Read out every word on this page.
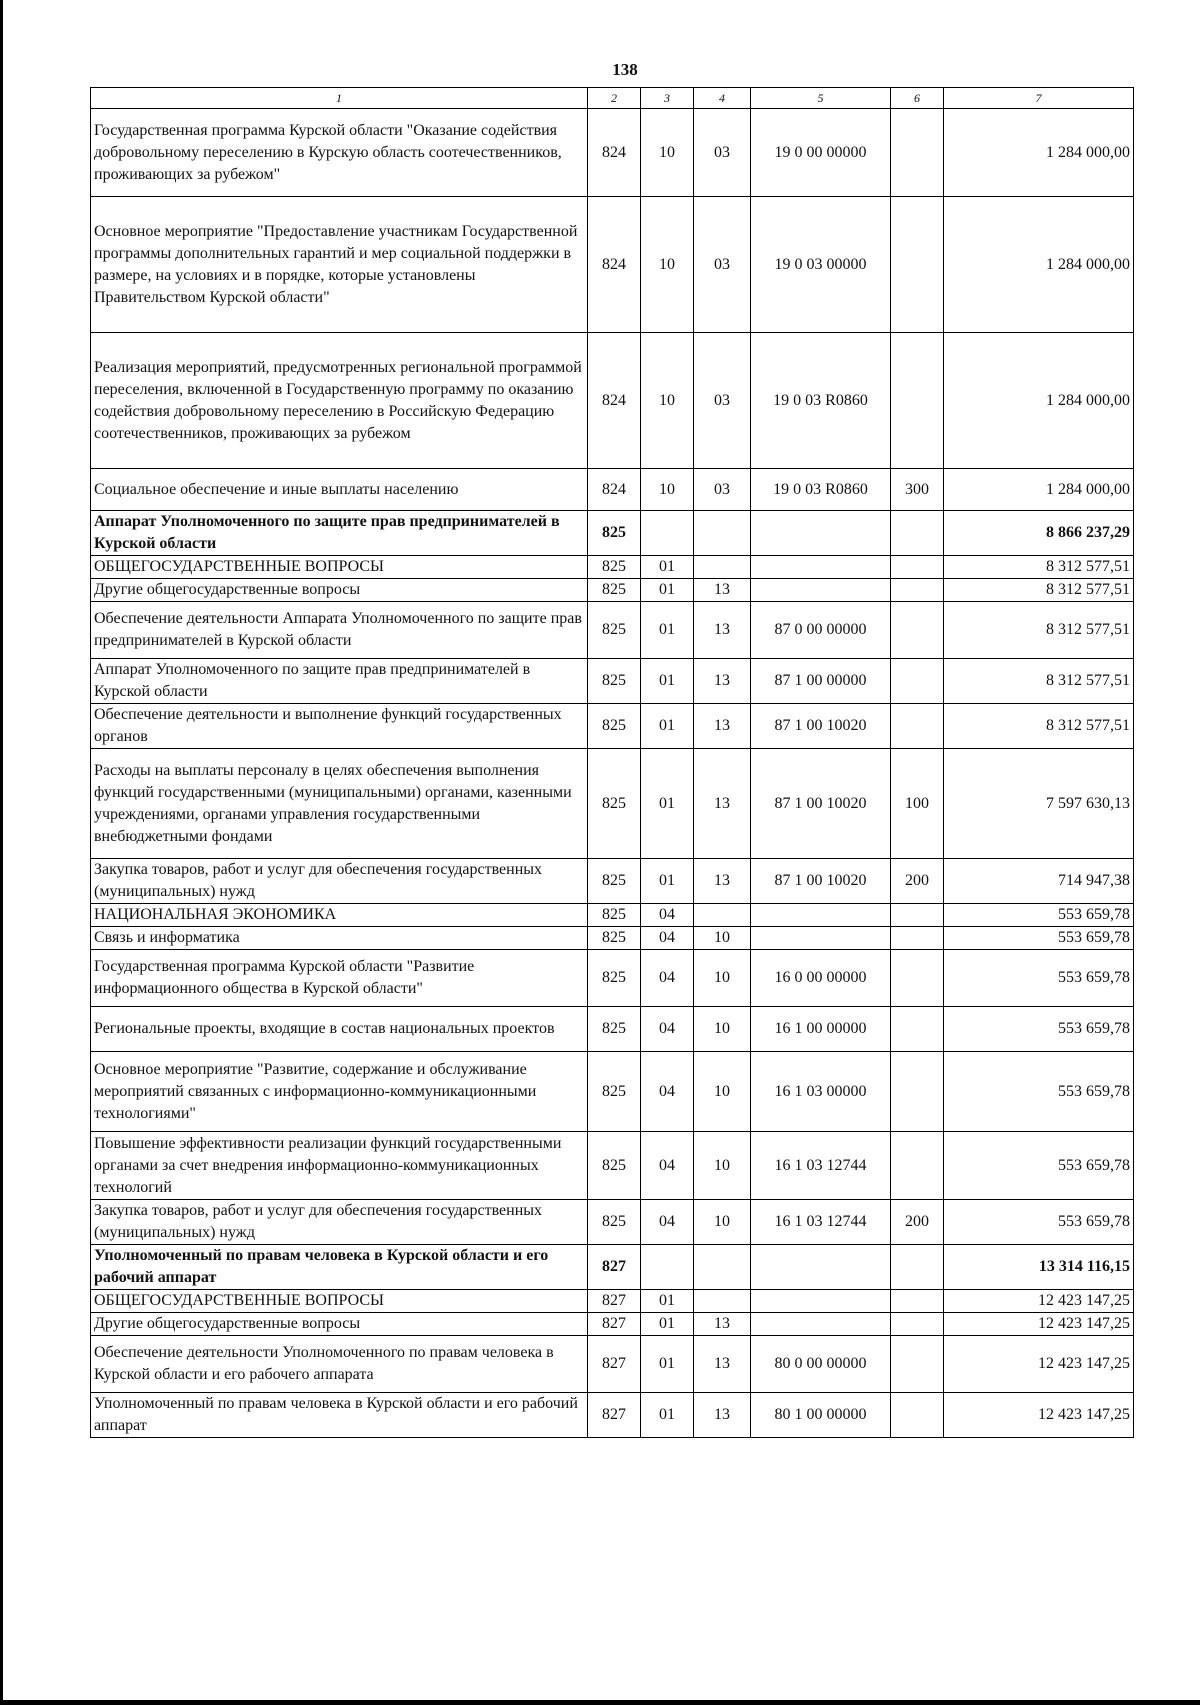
138
1	2	3	4	5	6	7
Государственная программа Курской области "Оказание содействия добровольному переселению в Курскую область соотечественников, проживающих за рубежом"	824	10	03	19 0 00 00000		1 284 000,00
Основное мероприятие "Предоставление участникам Государственной программы дополнительных гарантий и мер социальной поддержки в размере, на условиях и в порядке, которые установлены Правительством Курской области"	824	10	03	19 0 03 00000		1 284 000,00
Реализация мероприятий, предусмотренных региональной программой переселения, включенной в Государственную программу по оказанию содействия добровольному переселению в Российскую Федерацию соотечественников, проживающих за рубежом	824	10	03	19 0 03 R0860		1 284 000,00
Социальное обеспечение и иные выплаты населению	824	10	03	19 0 03 R0860	300	1 284 000,00
Аппарат Уполномоченного по защите прав предпринимателей в Курской области	825					8 866 237,29
ОБЩЕГОСУДАРСТВЕННЫЕ ВОПРОСЫ	825	01				8 312 577,51
Другие общегосударственные вопросы	825	01	13			8 312 577,51
Обеспечение деятельности Аппарата Уполномоченного по защите прав предпринимателей в Курской области	825	01	13	87 0 00 00000		8 312 577,51
Аппарат Уполномоченного по защите прав предпринимателей в Курской области	825	01	13	87 1 00 00000		8 312 577,51
Обеспечение деятельности и выполнение функций государственных органов	825	01	13	87 1 00 10020		8 312 577,51
Расходы на выплаты персоналу в целях обеспечения выполнения функций государственными (муниципальными) органами, казенными учреждениями, органами управления государственными внебюджетными фондами	825	01	13	87 1 00 10020	100	7 597 630,13
Закупка товаров, работ и услуг для обеспечения государственных (муниципальных) нужд	825	01	13	87 1 00 10020	200	714 947,38
НАЦИОНАЛЬНАЯ ЭКОНОМИКА	825	04				553 659,78
Связь и информатика	825	04	10			553 659,78
Государственная программа Курской области "Развитие информационного общества в Курской области"	825	04	10	16 0 00 00000		553 659,78
Региональные проекты, входящие в состав национальных проектов	825	04	10	16 1 00 00000		553 659,78
Основное мероприятие "Развитие, содержание и обслуживание мероприятий связанных с информационно-коммуникационными технологиями"	825	04	10	16 1 03 00000		553 659,78
Повышение эффективности реализации функций государственными органами за счет внедрения информационно-коммуникационных технологий	825	04	10	16 1 03 12744		553 659,78
Закупка товаров, работ и услуг для обеспечения государственных (муниципальных) нужд	825	04	10	16 1 03 12744	200	553 659,78
Уполномоченный по правам человека в Курской области и его рабочий аппарат	827					13 314 116,15
ОБЩЕГОСУДАРСТВЕННЫЕ ВОПРОСЫ	827	01				12 423 147,25
Другие общегосударственные вопросы	827	01	13			12 423 147,25
Обеспечение деятельности Уполномоченного по правам человека в Курской области и его рабочего аппарата	827	01	13	80 0 00 00000		12 423 147,25
Уполномоченный по правам человека в Курской области и его рабочий аппарат	827	01	13	80 1 00 00000		12 423 147,25
